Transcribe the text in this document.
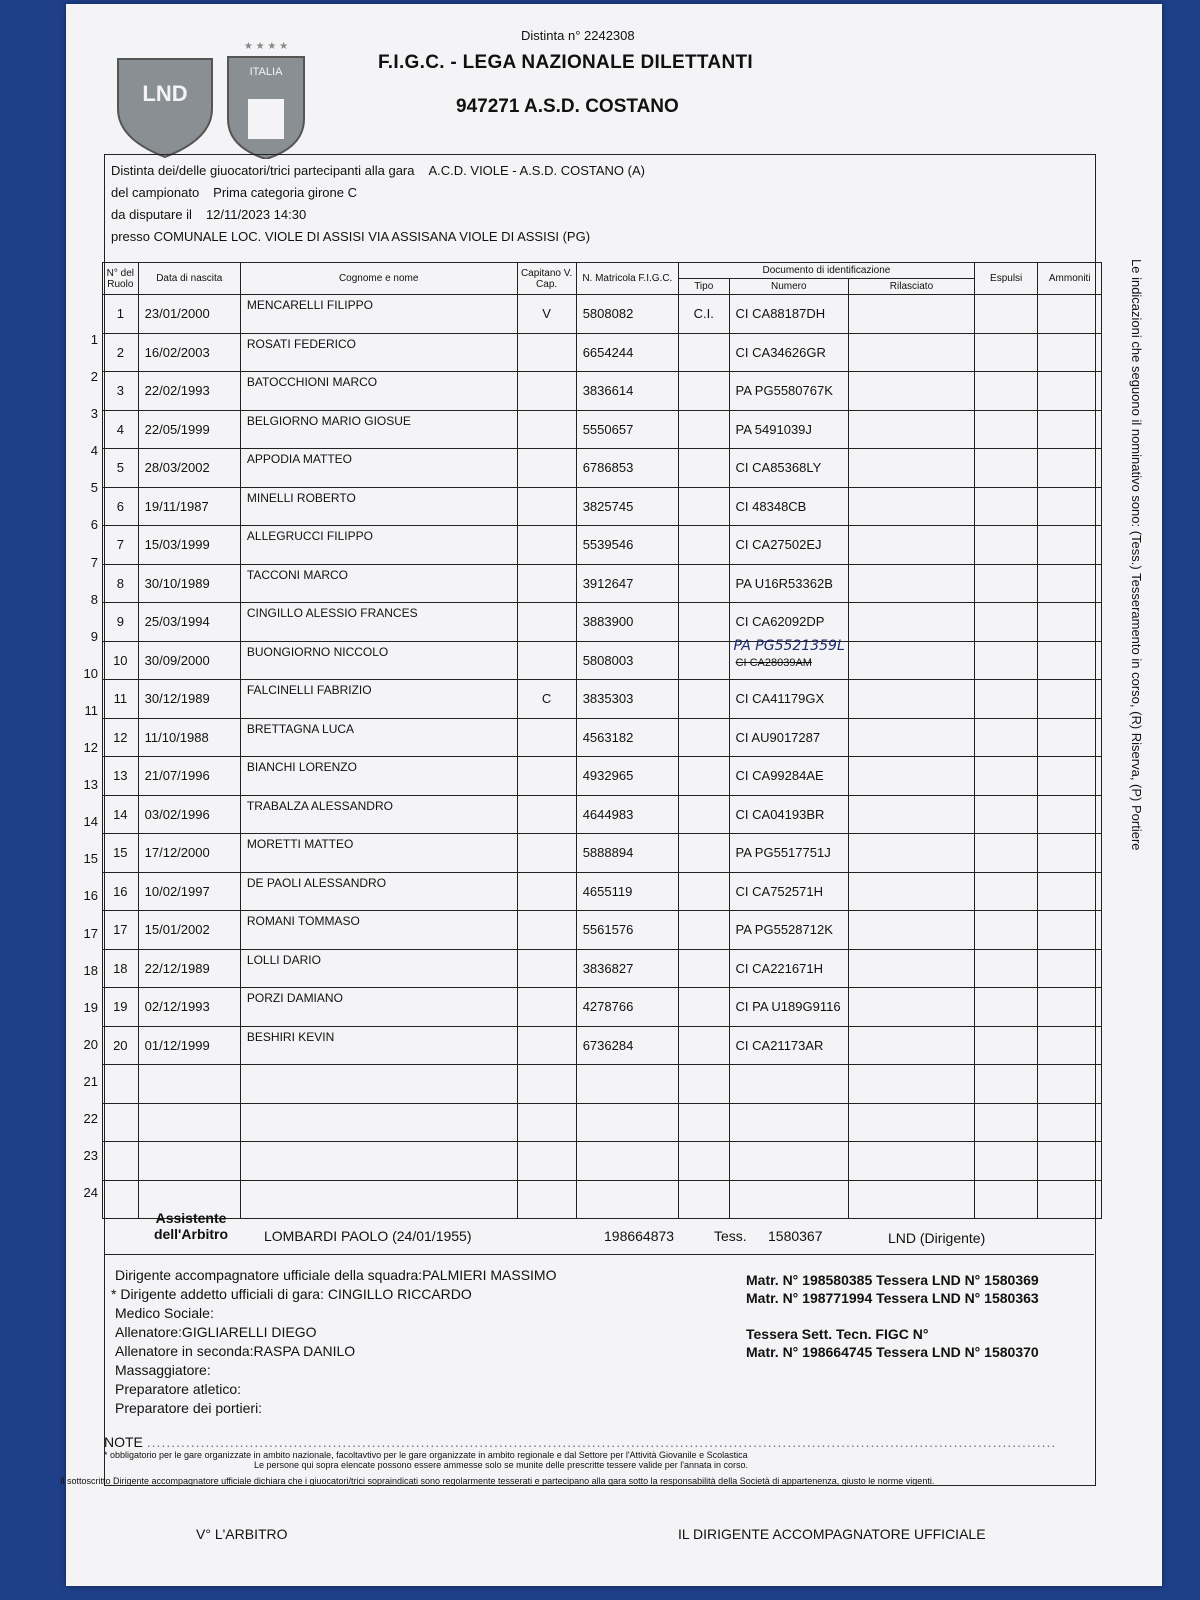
LND
★ ★ ★ ★
ITALIA
Distinta n° 2242308
F.I.G.C. - LEGA NAZIONALE DILETTANTI
947271 A.S.D. COSTANO
Distinta dei/delle giuocatori/trici partecipanti alla gara A.C.D. VIOLE - A.S.D. COSTANO (A)
del campionato Prima categoria girone C
da disputare il 12/11/2023 14:30
presso COMUNALE LOC. VIOLE DI ASSISI VIA ASSISANA VIOLE DI ASSISI (PG)
N° del Ruolo	Data di nascita	Cognome e nome	Capitano V. Cap.	N. Matricola F.I.G.C.	Documento di identificazione			Espulsi	Ammoniti
					Tipo	Numero	Rilasciato		
1	23/01/2000	MENCARELLI FILIPPO	V	5808082	C.I.	CI CA88187DH			
2	16/02/2003	ROSATI FEDERICO		6654244		CI CA34626GR			
3	22/02/1993	BATOCCHIONI MARCO		3836614		PA PG5580767K			
4	22/05/1999	BELGIORNO MARIO GIOSUE		5550657		PA 5491039J			
5	28/03/2002	APPODIA MATTEO		6786853		CI CA85368LY			
6	19/11/1987	MINELLI ROBERTO		3825745		CI 48348CB			
7	15/03/1999	ALLEGRUCCI FILIPPO		5539546		CI CA27502EJ			
8	30/10/1989	TACCONI MARCO		3912647		PA U16R53362B			
9	25/03/1994	CINGILLO ALESSIO FRANCES		3883900		CI CA62092DP			
10	30/09/2000	BUONGIORNO NICCOLO		5808003		PA PG5521359L
CI CA28039AM			

11	30/12/1989	FALCINELLI FABRIZIO	C	3835303		CI CA41179GX			
12	11/10/1988	BRETTAGNA LUCA		4563182		CI AU9017287			
13	21/07/1996	BIANCHI LORENZO		4932965		CI CA99284AE			
14	03/02/1996	TRABALZA ALESSANDRO		4644983		CI CA04193BR			
15	17/12/2000	MORETTI MATTEO		5888894		PA PG5517751J			
16	10/02/1997	DE PAOLI ALESSANDRO		4655119		CI CA752571H			
17	15/01/2002	ROMANI TOMMASO		5561576		PA PG5528712K			
18	22/12/1989	LOLLI DARIO		3836827		CI CA221671H			
19	02/12/1993	PORZI DAMIANO		4278766		CI PA U189G9116			
20	01/12/1999	BESHIRI KEVIN		6736284		CI CA21173AR			

1
2
3
4
5
6
7
8
9
10
11
12
13
14
15
16
17
18
19
20
21
22
23
24
Le indicazioni che seguono il nominativo sono: (Tess.) Tesseramento in corso, (R) Riserva, (P) Portiere
Assistente dell'Arbitro	LOMBARDI PAOLO (24/01/1955)	198664873	Tess. 1580367	LND (Dirigente)
Dirigente accompagnatore ufficiale della squadra:PALMIERI MASSIMO
* Dirigente addetto ufficiali di gara: CINGILLO RICCARDO
Medico Sociale:
Allenatore:GIGLIARELLI DIEGO
Allenatore in seconda:RASPA DANILO
Massaggiatore:
Preparatore atletico:
Preparatore dei portieri:
Matr. N° 198580385 Tessera LND N° 1580369
Matr. N° 198771994 Tessera LND N° 1580363
Tessera Sett. Tecn. FIGC N°
Matr. N° 198664745 Tessera LND N° 1580370
NOTE ..........................................................................................................................................................................................
* obbligatorio per le gare organizzate in ambito nazionale, facoltavtivo per le gare organizzate in ambito regionale e dal Settore per l'Attività Giovanile e Scolastica
Le persone qui sopra elencate possono essere ammesse solo se munite delle prescritte tessere valide per l'annata in corso.
Il sottoscritto Dirigente accompagnatore ufficiale dichiara che i giuocatori/trici sopraindicati sono regolarmente tesserati e partecipano alla gara sotto la responsabilità della Società di appartenenza, giusto le norme vigenti.
V° L'ARBITRO	IL DIRIGENTE ACCOMPAGNATORE UFFICIALE
